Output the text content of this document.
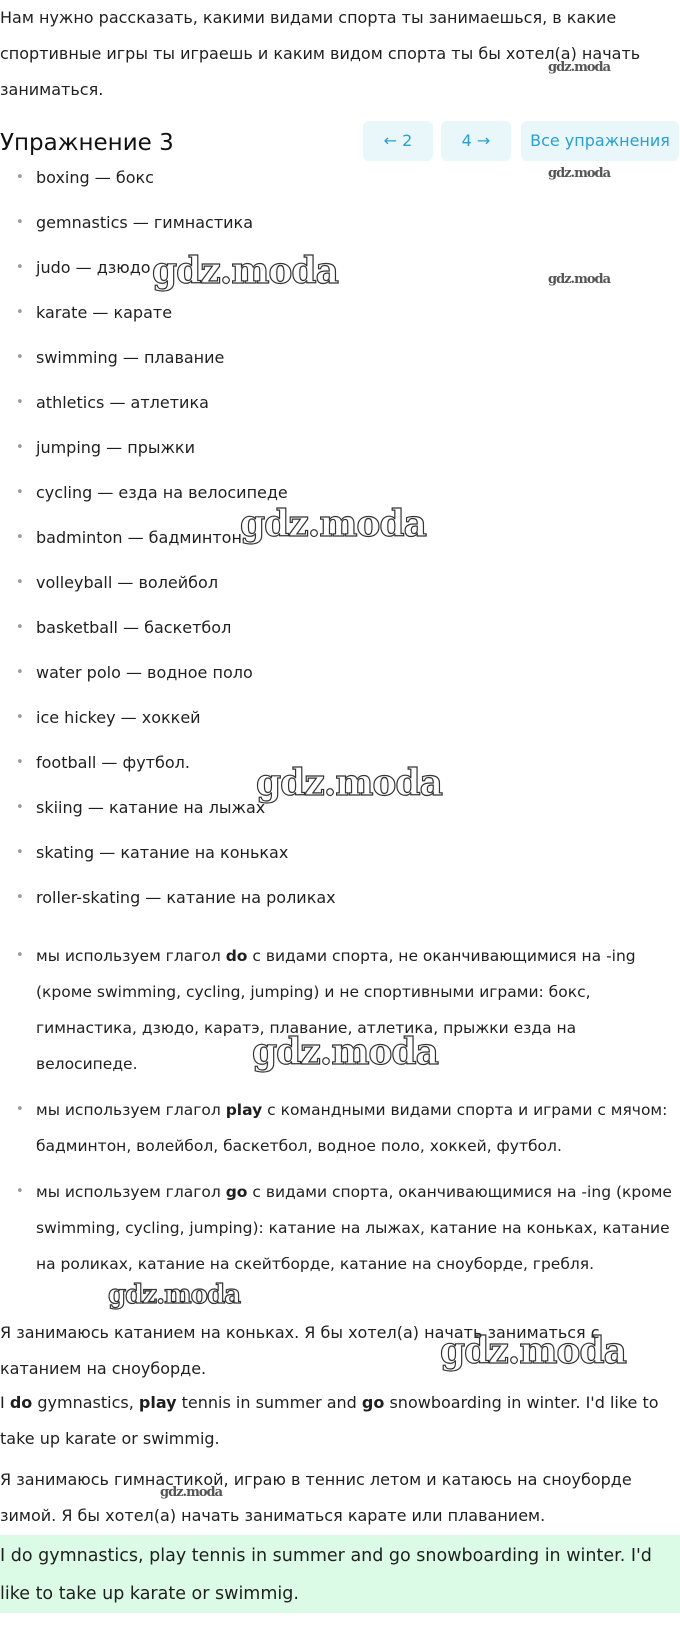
Нам нужно рассказать, какими видами спорта ты занимаешься, в какие спортивные игры ты играешь и каким видом спорта ты бы хотел(а) начать заниматься.

Упражнение 3	← 2	4 →	Все упражнения
• boxing — бокс
• gemnastics — гимнастика
• judo — дзюдо
• karate — карате
• swimming — плавание
• athletics — атлетика
• jumping — прыжки
• cycling — езда на велосипеде
• badminton — бадминтон
• volleyball — волейбол
• basketball — баскетбол
• water polo — водное поло
• ice hickey — хоккей
• football — футбол.
• skiing — катание на лыжах
• skating — катание на коньках
• roller-skating — катание на роликах
• мы используем глагол do с видами спорта, не оканчивающимися на -ing (кроме swimming, cycling, jumping) и не спортивными играми: бокс, гимнастика, дзюдо, каратэ, плавание, атлетика, прыжки езда на велосипеде.
• мы используем глагол play с командными видами спорта и играми с мячом: бадминтон, волейбол, баскетбол, водное поло, хоккей, футбол.
• мы используем глагол go с видами спорта, оканчивающимися на -ing (кроме swimming, cycling, jumping): катание на лыжах, катание на коньках, катание на роликах, катание на скейтборде, катание на сноуборде, гребля.

Я занимаюсь катанием на коньках. Я бы хотел(а) начать заниматься с катанием на сноуборде.

I do gymnastics, play tennis in summer and go snowboarding in winter. I'd like to take up karate or swimmig.

Я занимаюсь гимнастикой, играю в теннис летом и катаюсь на сноуборде зимой. Я бы хотел(а) начать заниматься карате или плаванием.

I do gymnastics, play tennis in summer and go snowboarding in winter. I'd like to take up karate or swimmig.

gdz.moda
gdz.moda
gdz.moda
gdz.moda
gdz.moda
gdz.moda
gdz.moda
gdz.moda
gdz.moda
gdz.moda
